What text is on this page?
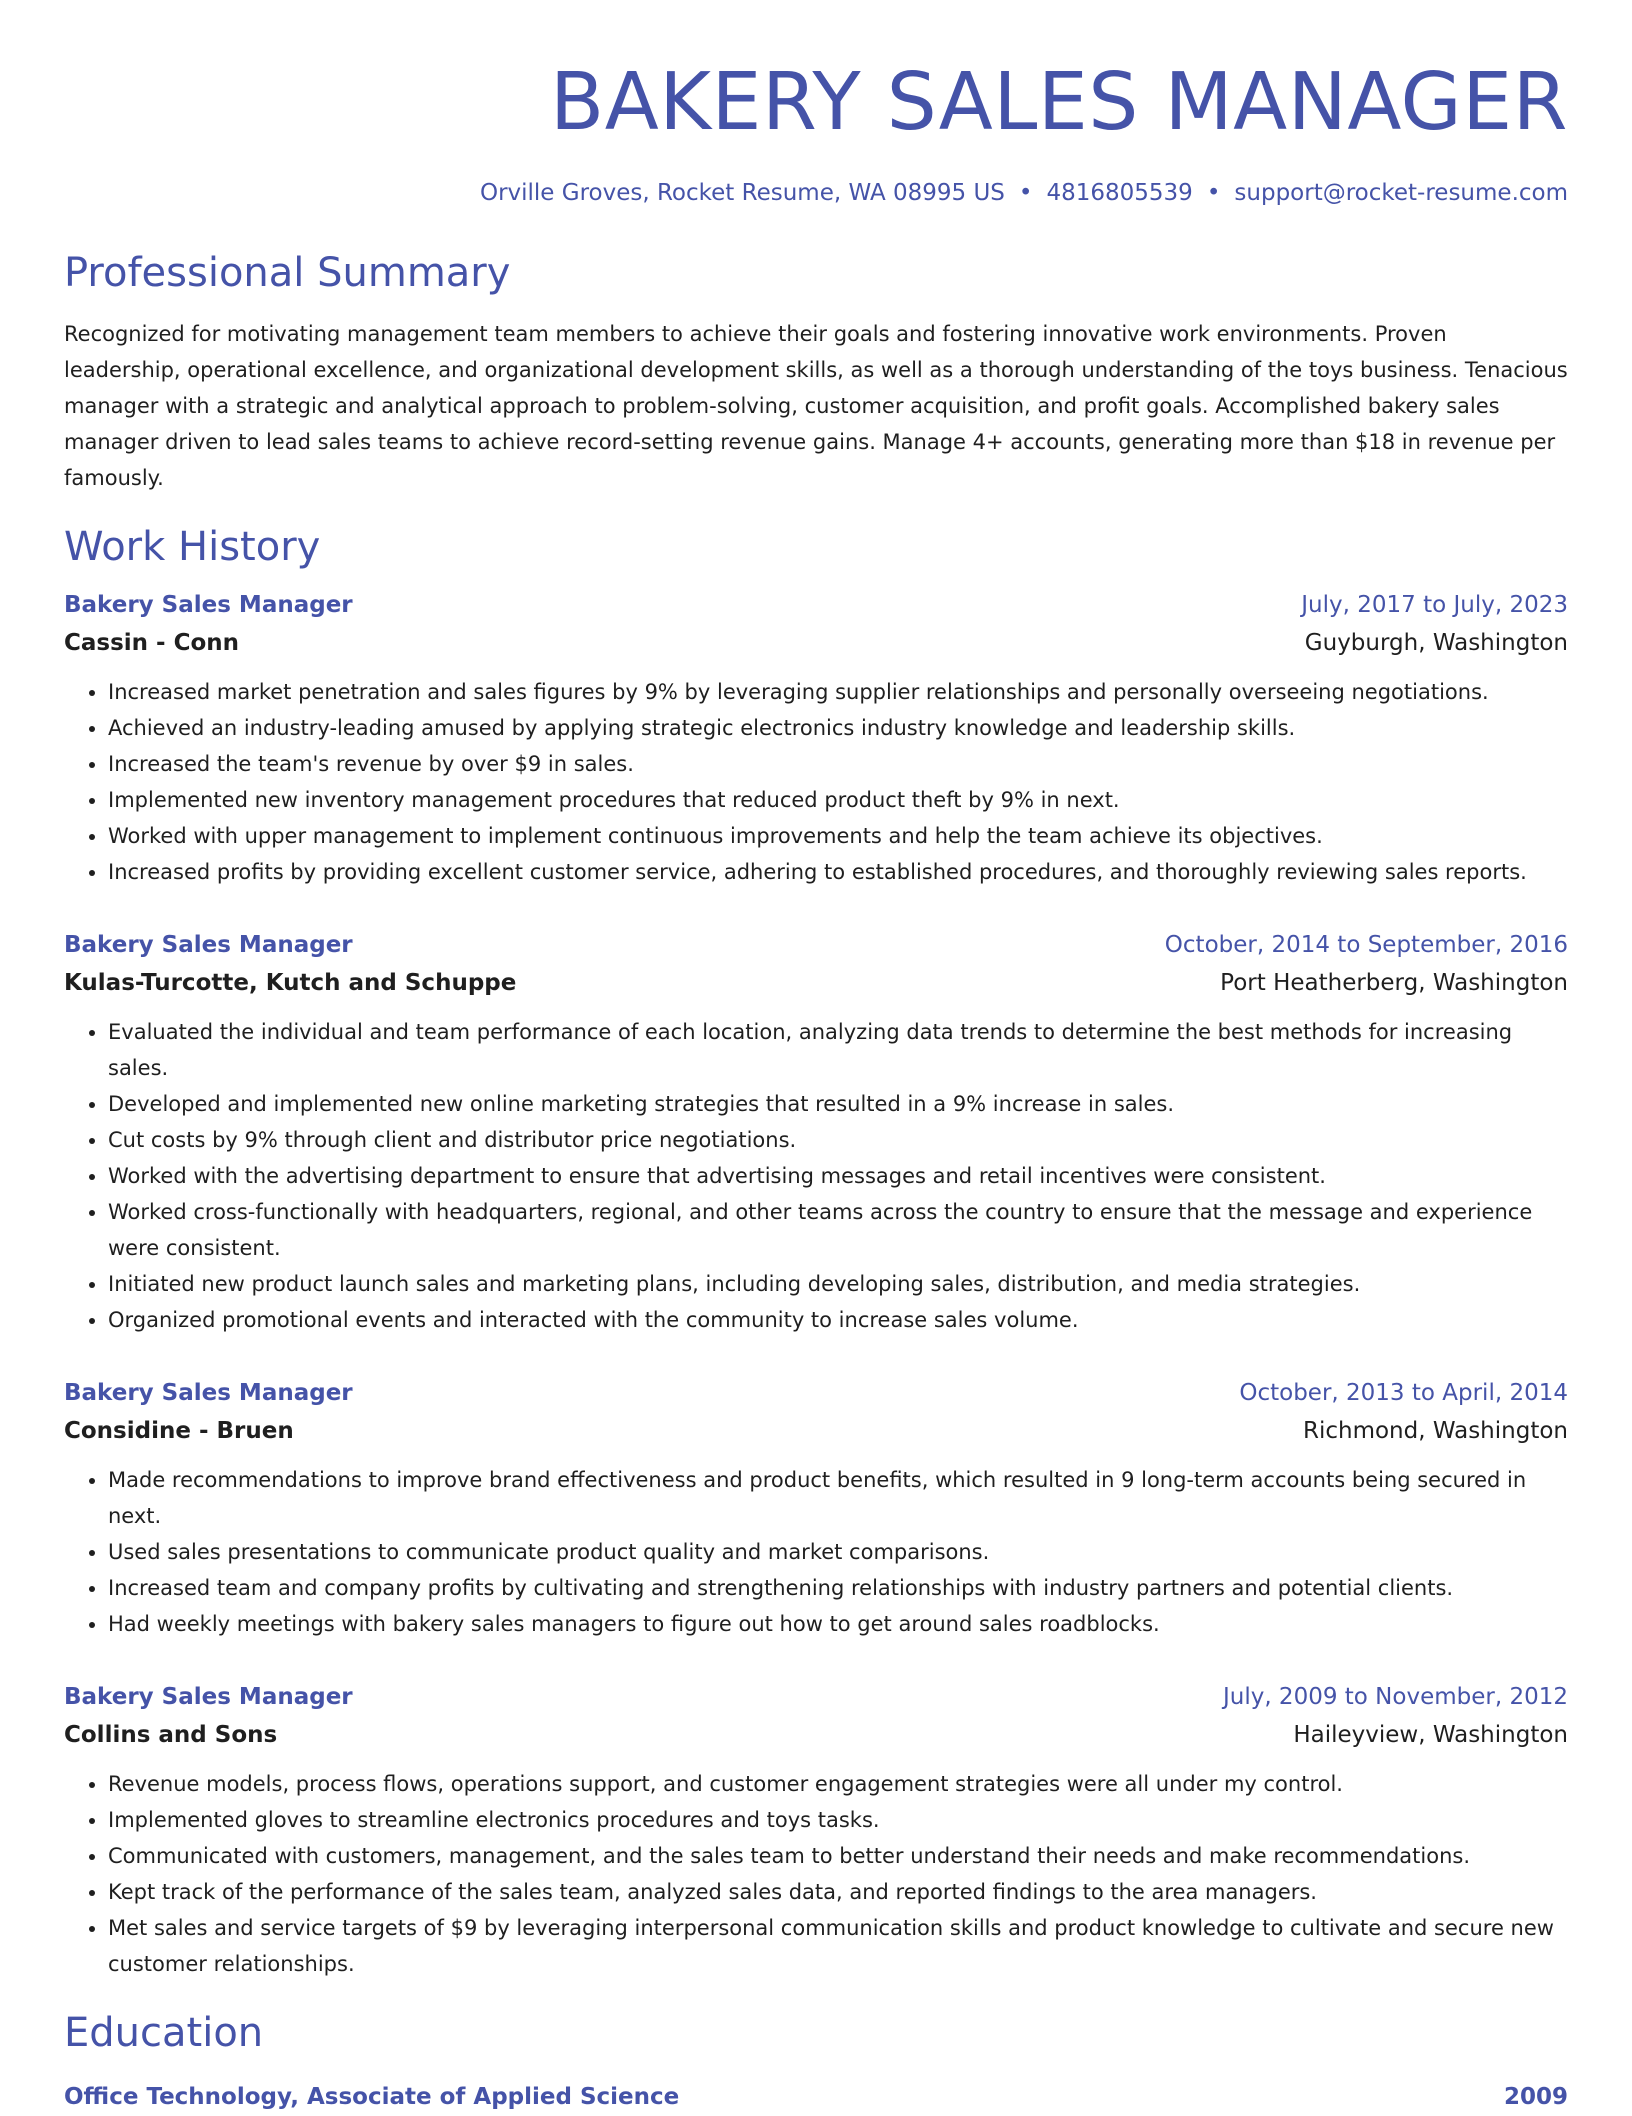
BAKERY SALES MANAGER
Orville Groves, Rocket Resume, WA 08995 US • 4816805539 • support@rocket-resume.com
Professional Summary
Recognized for motivating management team members to achieve their goals and fostering innovative work environments. Proven leadership, operational excellence, and organizational development skills, as well as a thorough understanding of the toys business. Tenacious manager with a strategic and analytical approach to problem-solving, customer acquisition, and profit goals. Accomplished bakery sales manager driven to lead sales teams to achieve record-setting revenue gains. Manage 4+ accounts, generating more than $18 in revenue per famously.
Work History
Bakery Sales Manager	July, 2017 to July, 2023
Cassin - Conn	Guyburgh, Washington
• Increased market penetration and sales figures by 9% by leveraging supplier relationships and personally overseeing negotiations.
• Achieved an industry-leading amused by applying strategic electronics industry knowledge and leadership skills.
• Increased the team's revenue by over $9 in sales.
• Implemented new inventory management procedures that reduced product theft by 9% in next.
• Worked with upper management to implement continuous improvements and help the team achieve its objectives.
• Increased profits by providing excellent customer service, adhering to established procedures, and thoroughly reviewing sales reports.
Bakery Sales Manager	October, 2014 to September, 2016
Kulas-Turcotte, Kutch and Schuppe	Port Heatherberg, Washington
• Evaluated the individual and team performance of each location, analyzing data trends to determine the best methods for increasing sales.
• Developed and implemented new online marketing strategies that resulted in a 9% increase in sales.
• Cut costs by 9% through client and distributor price negotiations.
• Worked with the advertising department to ensure that advertising messages and retail incentives were consistent.
• Worked cross-functionally with headquarters, regional, and other teams across the country to ensure that the message and experience were consistent.
• Initiated new product launch sales and marketing plans, including developing sales, distribution, and media strategies.
• Organized promotional events and interacted with the community to increase sales volume.
Bakery Sales Manager	October, 2013 to April, 2014
Considine - Bruen	Richmond, Washington
• Made recommendations to improve brand effectiveness and product benefits, which resulted in 9 long-term accounts being secured in next.
• Used sales presentations to communicate product quality and market comparisons.
• Increased team and company profits by cultivating and strengthening relationships with industry partners and potential clients.
• Had weekly meetings with bakery sales managers to figure out how to get around sales roadblocks.
Bakery Sales Manager	July, 2009 to November, 2012
Collins and Sons	Haileyview, Washington
• Revenue models, process flows, operations support, and customer engagement strategies were all under my control.
• Implemented gloves to streamline electronics procedures and toys tasks.
• Communicated with customers, management, and the sales team to better understand their needs and make recommendations.
• Kept track of the performance of the sales team, analyzed sales data, and reported findings to the area managers.
• Met sales and service targets of $9 by leveraging interpersonal communication skills and product knowledge to cultivate and secure new customer relationships.
Education
Office Technology, Associate of Applied Science	2009
